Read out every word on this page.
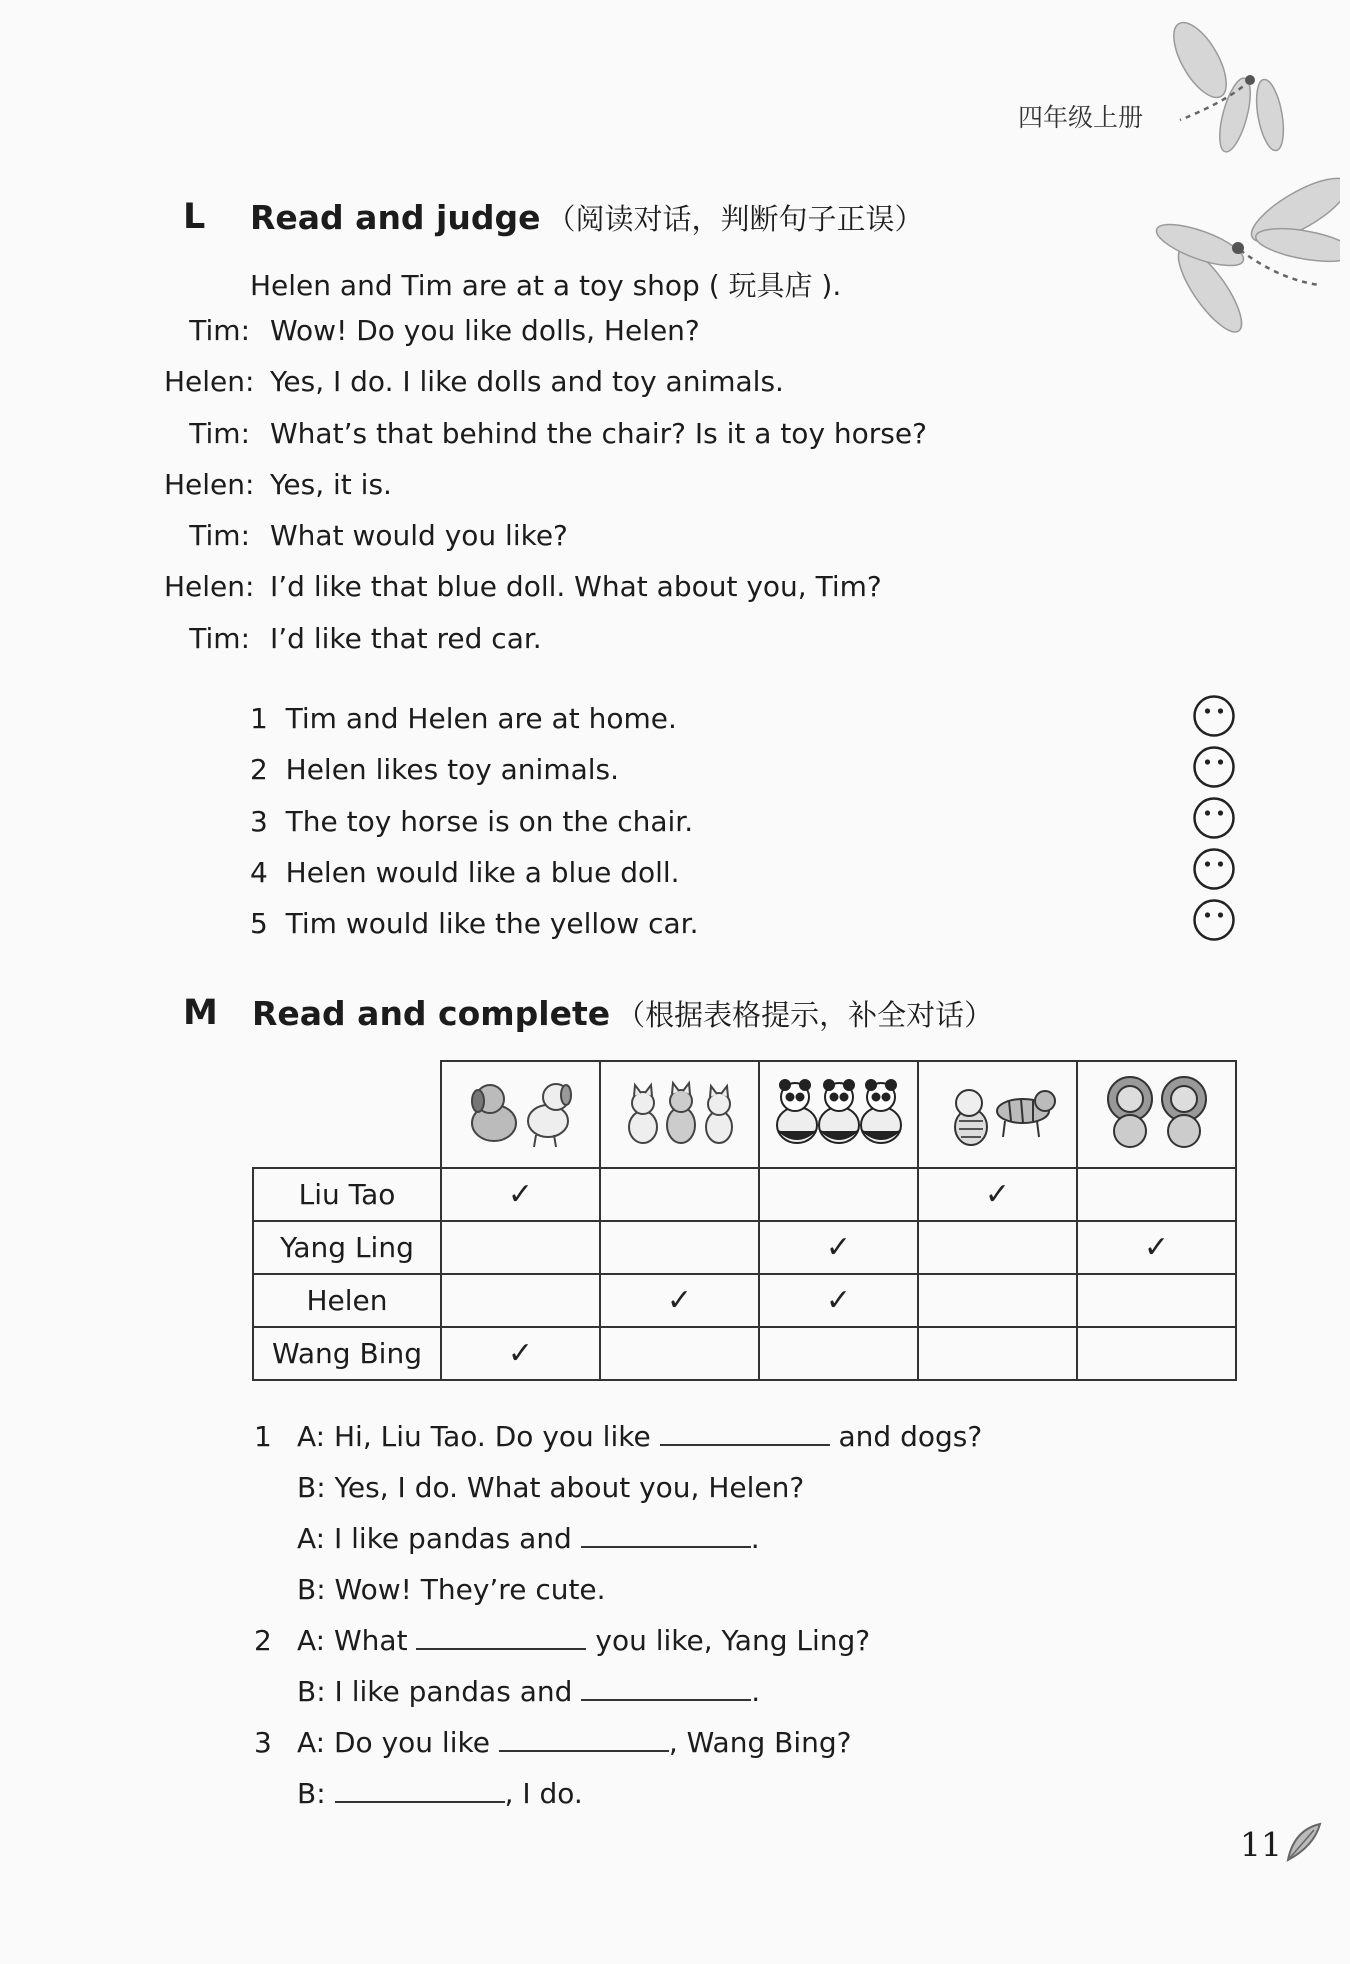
四年级上册
L Read and judge （阅读对话，判断句子正误）
Helen and Tim are at a toy shop ( 玩具店 ).
Tim: Wow! Do you like dolls, Helen?
Helen: Yes, I do. I like dolls and toy animals.
Tim: What’s that behind the chair? Is it a toy horse?
Helen: Yes, it is.
Tim: What would you like?
Helen: I’d like that blue doll. What about you, Tim?
Tim: I’d like that red car.
1 Tim and Helen are at home.
2 Helen likes toy animals.
3 The toy horse is on the chair.
4 Helen would like a blue doll.
5 Tim would like the yellow car.
M Read and complete （根据表格提示，补全对话）

Liu Tao	✓			✓	
Yang Ling			✓		✓
Helen		✓	✓		
Wang Bing	✓				
1 A: Hi, Liu Tao. Do you like	and dogs?
B: Yes, I do. What about you, Helen?
A: I like pandas and	.
B: Wow! They’re cute.
2 A: What	you like, Yang Ling?
B: I like pandas and	.
3 A: Do you like	, Wang Bing?
B:	, I do.
11
